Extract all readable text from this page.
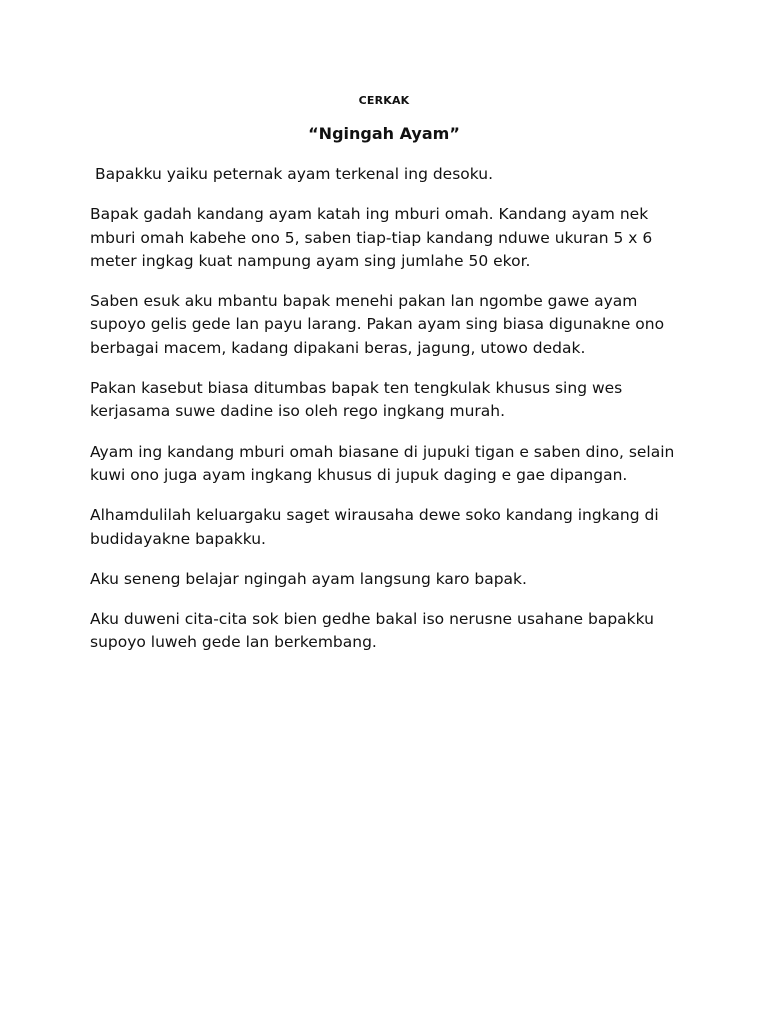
CERKAK
“Ngingah Ayam”

Bapakku yaiku peternak ayam terkenal ing desoku.

Bapak gadah kandang ayam katah ing mburi omah. Kandang ayam nek
mburi omah kabehe ono 5, saben tiap-tiap kandang nduwe ukuran 5 x 6
meter ingkag kuat nampung ayam sing jumlahe 50 ekor.

Saben esuk aku mbantu bapak menehi pakan lan ngombe gawe ayam
supoyo gelis gede lan payu larang. Pakan ayam sing biasa digunakne ono
berbagai macem, kadang dipakani beras, jagung, utowo dedak.

Pakan kasebut biasa ditumbas bapak ten tengkulak khusus sing wes
kerjasama suwe dadine iso oleh rego ingkang murah.

Ayam ing kandang mburi omah biasane di jupuki tigan e saben dino, selain
kuwi ono juga ayam ingkang khusus di jupuk daging e gae dipangan.

Alhamdulilah keluargaku saget wirausaha dewe soko kandang ingkang di
budidayakne bapakku.

Aku seneng belajar ngingah ayam langsung karo bapak.

Aku duweni cita-cita sok bien gedhe bakal iso nerusne usahane bapakku
supoyo luweh gede lan berkembang.
